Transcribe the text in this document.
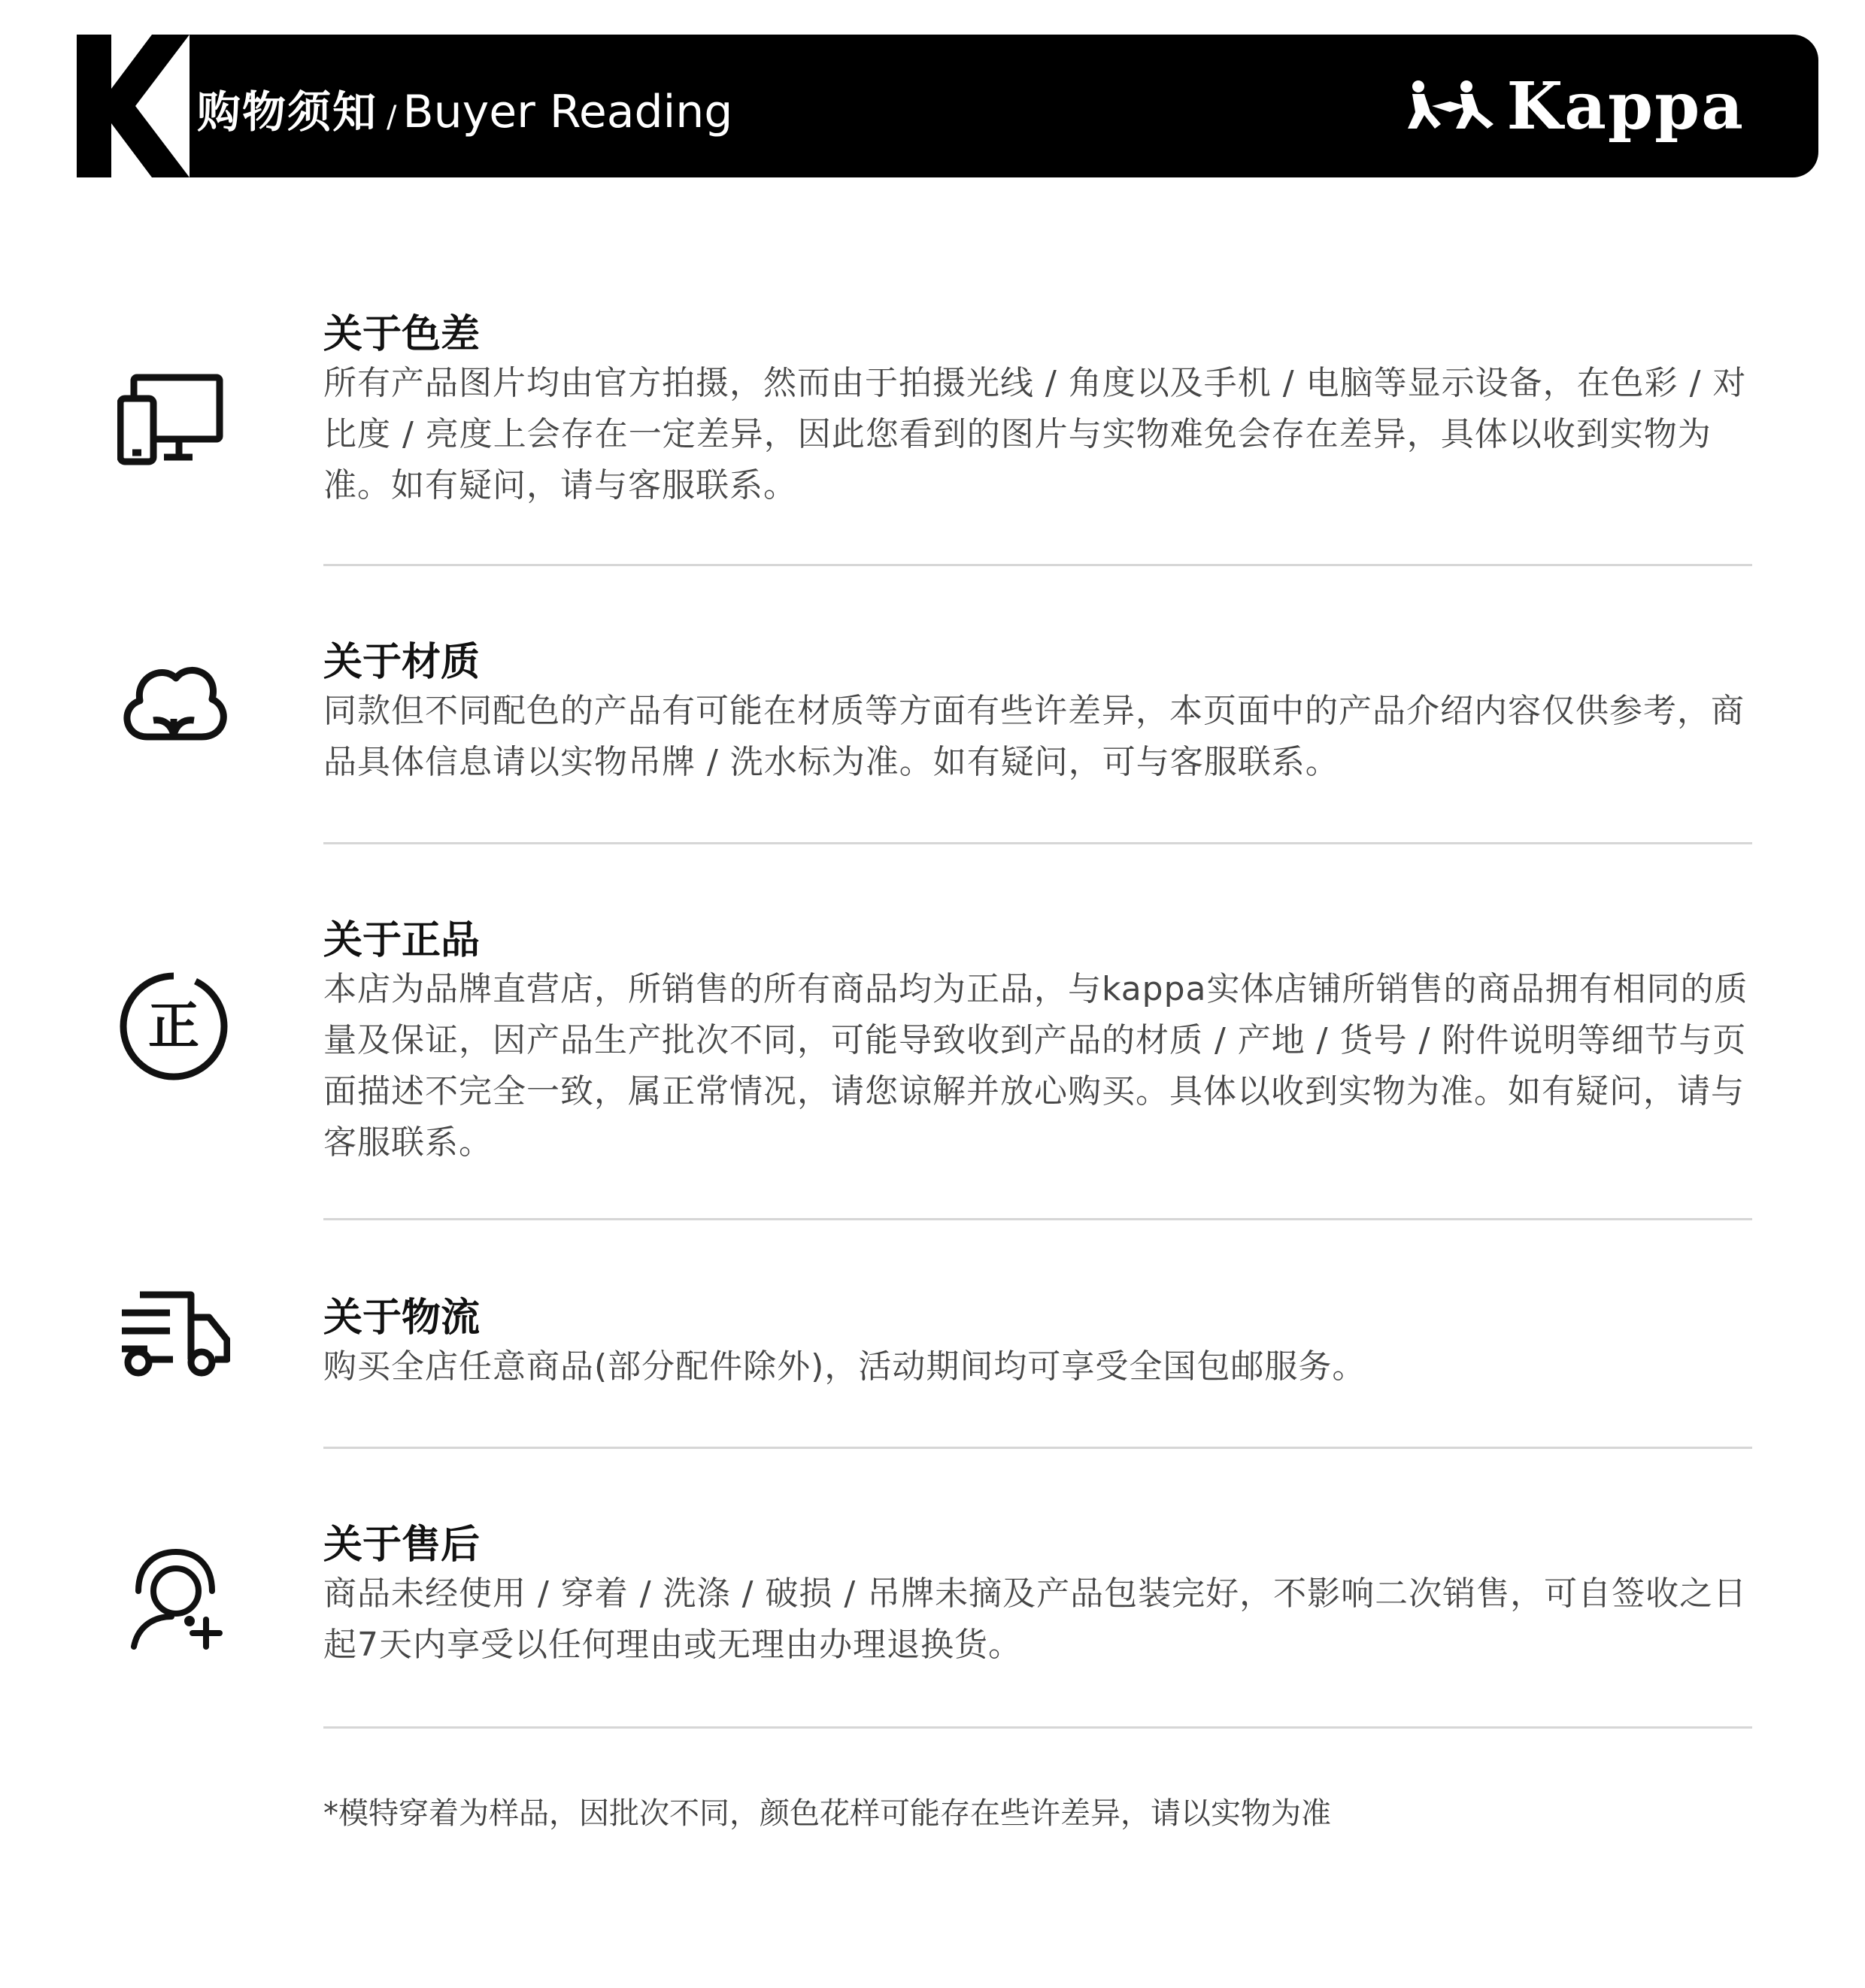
购物须知 / Buyer Reading	Kappa
关于色差
所有产品图片均由官方拍摄，然而由于拍摄光线 / 角度以及手机 / 电脑等显示设备，在色彩 / 对比度 / 亮度上会存在一定差异，因此您看到的图片与实物难免会存在差异，具体以收到实物为准。如有疑问，请与客服联系。
关于材质
同款但不同配色的产品有可能在材质等方面有些许差异，本页面中的产品介绍内容仅供参考，商品具体信息请以实物吊牌 / 洗水标为准。如有疑问，可与客服联系。
正
关于正品
本店为品牌直营店，所销售的所有商品均为正品，与kappa实体店铺所销售的商品拥有相同的质量及保证，因产品生产批次不同，可能导致收到产品的材质 / 产地 / 货号 / 附件说明等细节与页面描述不完全一致，属正常情况，请您谅解并放心购买。具体以收到实物为准。如有疑问，请与客服联系。
关于物流
购买全店任意商品(部分配件除外)，活动期间均可享受全国包邮服务。
关于售后
商品未经使用 / 穿着 / 洗涤 / 破损 / 吊牌未摘及产品包装完好，不影响二次销售，可自签收之日起7天内享受以任何理由或无理由办理退换货。
*模特穿着为样品，因批次不同，颜色花样可能存在些许差异，请以实物为准
